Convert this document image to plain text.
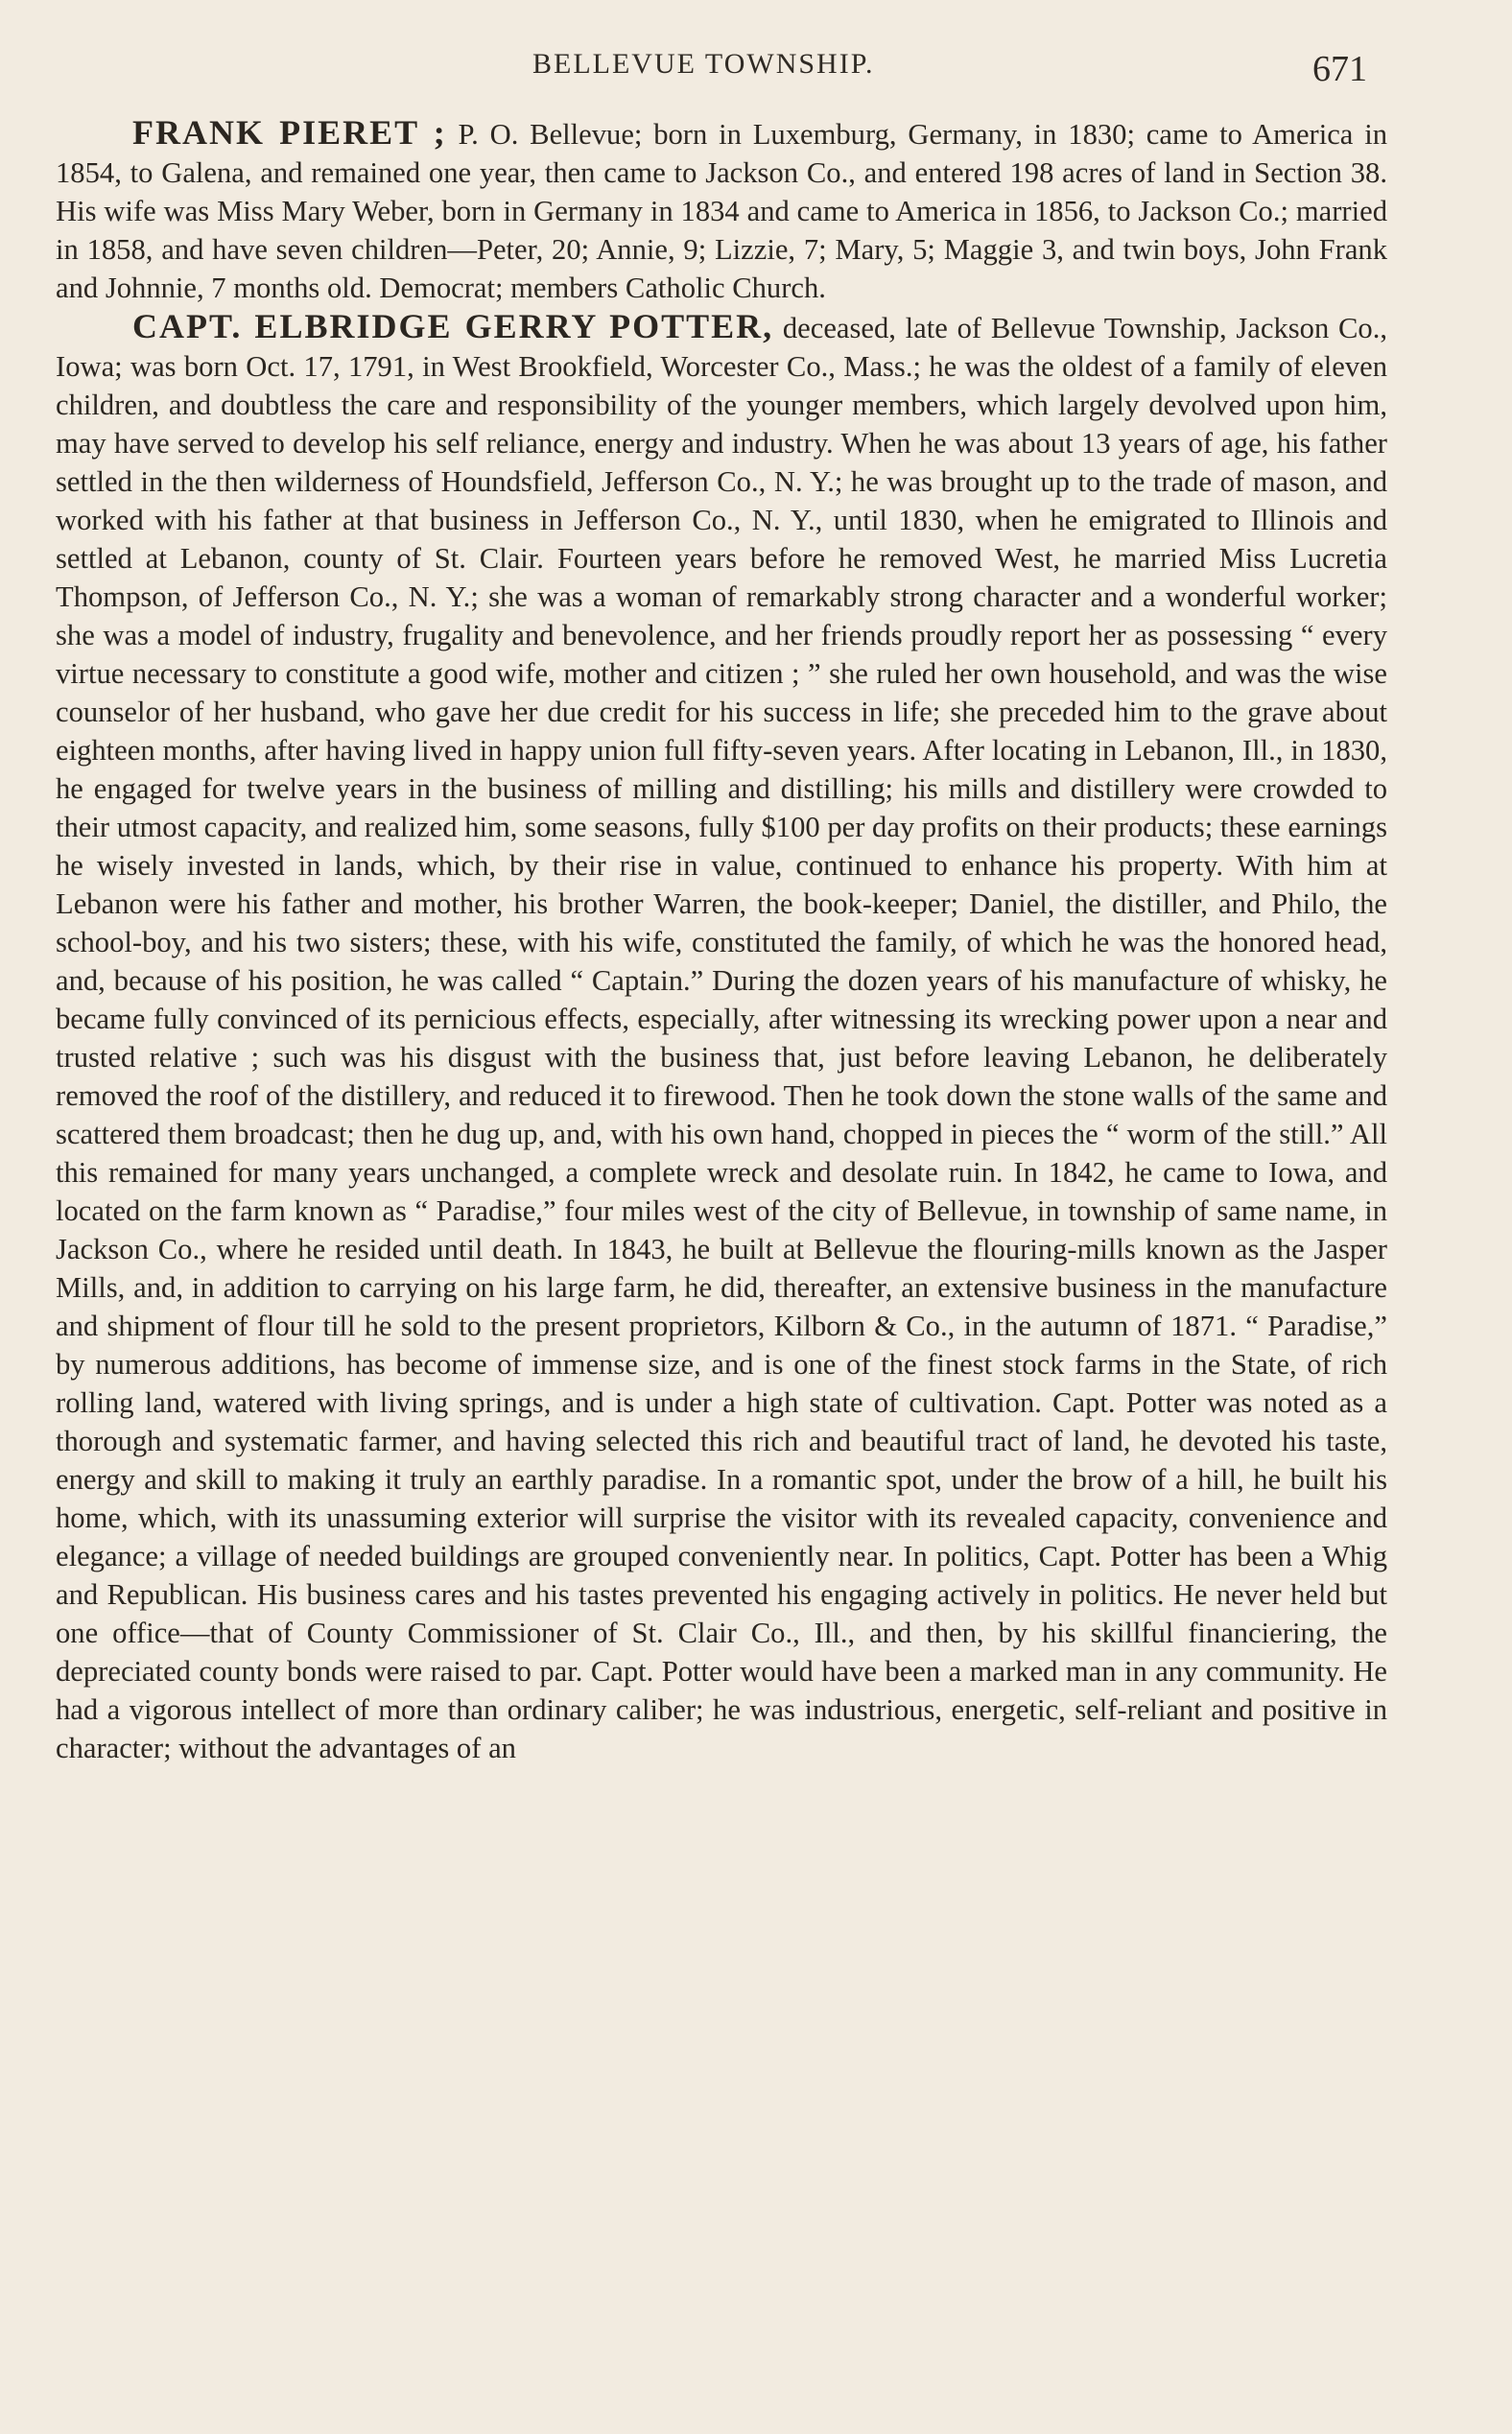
BELLEVUE TOWNSHIP.	671

FRANK PIERET ; P. O. Bellevue; born in Luxemburg, Germany, in 1830; came to America in 1854, to Galena, and remained one year, then came to Jackson Co., and entered 198 acres of land in Section 38. His wife was Miss Mary Weber, born in Germany in 1834 and came to America in 1856, to Jackson Co.; married in 1858, and have seven children—Peter, 20; Annie, 9; Lizzie, 7; Mary, 5; Maggie 3, and twin boys, John Frank and Johnnie, 7 months old. Democrat; members Catholic Church.

CAPT. ELBRIDGE GERRY POTTER, deceased, late of Bellevue Township, Jackson Co., Iowa; was born Oct. 17, 1791, in West Brookfield, Worcester Co., Mass.; he was the oldest of a family of eleven children, and doubtless the care and responsibility of the younger members, which largely devolved upon him, may have served to develop his self reliance, energy and industry. When he was about 13 years of age, his father settled in the then wilderness of Houndsfield, Jefferson Co., N. Y.; he was brought up to the trade of mason, and worked with his father at that business in Jefferson Co., N. Y., until 1830, when he emigrated to Illinois and settled at Lebanon, county of St. Clair. Fourteen years before he removed West, he married Miss Lucretia Thompson, of Jefferson Co., N. Y.; she was a woman of remarkably strong character and a wonderful worker; she was a model of industry, frugality and benevolence, and her friends proudly report her as possessing “ every virtue necessary to constitute a good wife, mother and citizen ; ” she ruled her own household, and was the wise counselor of her husband, who gave her due credit for his success in life; she preceded him to the grave about eighteen months, after having lived in happy union full fifty-seven years. After locating in Lebanon, Ill., in 1830, he engaged for twelve years in the business of milling and distilling; his mills and distillery were crowded to their utmost capacity, and realized him, some seasons, fully $100 per day profits on their products; these earnings he wisely invested in lands, which, by their rise in value, continued to enhance his property. With him at Lebanon were his father and mother, his brother Warren, the book-keeper; Daniel, the distiller, and Philo, the school-boy, and his two sisters; these, with his wife, constituted the family, of which he was the honored head, and, because of his position, he was called “ Captain.” During the dozen years of his manufacture of whisky, he became fully convinced of its pernicious effects, especially, after witnessing its wrecking power upon a near and trusted relative ; such was his disgust with the business that, just before leaving Lebanon, he deliberately removed the roof of the distillery, and reduced it to firewood. Then he took down the stone walls of the same and scattered them broadcast; then he dug up, and, with his own hand, chopped in pieces the “ worm of the still.” All this remained for many years unchanged, a complete wreck and desolate ruin. In 1842, he came to Iowa, and located on the farm known as “ Paradise,” four miles west of the city of Bellevue, in township of same name, in Jackson Co., where he resided until death. In 1843, he built at Bellevue the flouring-mills known as the Jasper Mills, and, in addition to carrying on his large farm, he did, thereafter, an extensive business in the manufacture and shipment of flour till he sold to the present proprietors, Kilborn & Co., in the autumn of 1871. “ Paradise,” by numerous additions, has become of immense size, and is one of the finest stock farms in the State, of rich rolling land, watered with living springs, and is under a high state of cultivation. Capt. Potter was noted as a thorough and systematic farmer, and having selected this rich and beautiful tract of land, he devoted his taste, energy and skill to making it truly an earthly paradise. In a romantic spot, under the brow of a hill, he built his home, which, with its unassuming exterior will surprise the visitor with its revealed capacity, convenience and elegance; a village of needed buildings are grouped conveniently near. In politics, Capt. Potter has been a Whig and Republican. His business cares and his tastes prevented his engaging actively in politics. He never held but one office—that of County Commissioner of St. Clair Co., Ill., and then, by his skillful financiering, the depreciated county bonds were raised to par. Capt. Potter would have been a marked man in any community. He had a vigorous intellect of more than ordinary caliber; he was industrious, energetic, self-reliant and positive in character; without the advantages of an
